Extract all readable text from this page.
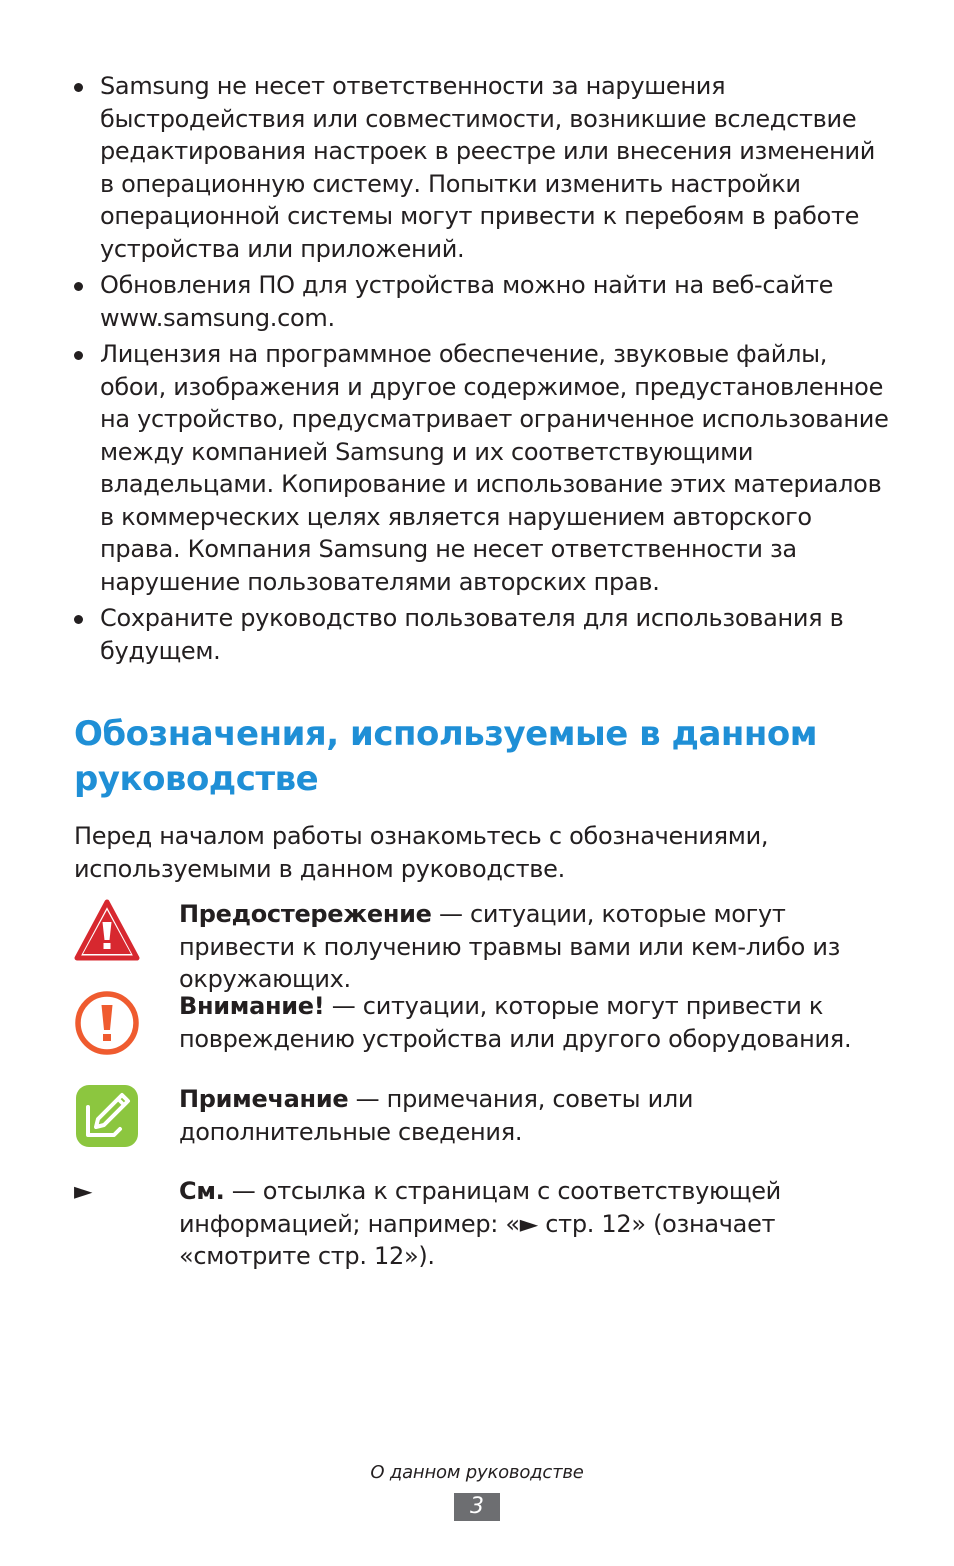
Samsung не несет ответственности за нарушения быстродействия или совместимости, возникшие вследствие редактирования настроек в реестре или внесения изменений в операционную систему. Попытки изменить настройки операционной системы могут привести к перебоям в работе устройства или приложений.
Обновления ПО для устройства можно найти на веб-сайте www.samsung.com.
Лицензия на программное обеспечение, звуковые файлы, обои, изображения и другое содержимое, предустановленное на устройство, предусматривает ограниченное использование между компанией Samsung и их соответствующими владельцами. Копирование и использование этих материалов в коммерческих целях является нарушением авторского права. Компания Samsung не несет ответственности за нарушение пользователями авторских прав.
Сохраните руководство пользователя для использования в будущем.
Обозначения, используемые в данном руководстве

Перед началом работы ознакомьтесь с обозначениями, используемыми в данном руководстве.

Предостережение — ситуации, которые могут привести к получению травмы вами или кем-либо из окружающих.
Внимание! — ситуации, которые могут привести к повреждению устройства или другого оборудования.
Примечание — примечания, советы или дополнительные сведения.
►	См. — отсылка к страницам с соответствующей информацией; например: «► стр. 12» (означает «смотрите стр. 12»).
О данном руководстве
3
